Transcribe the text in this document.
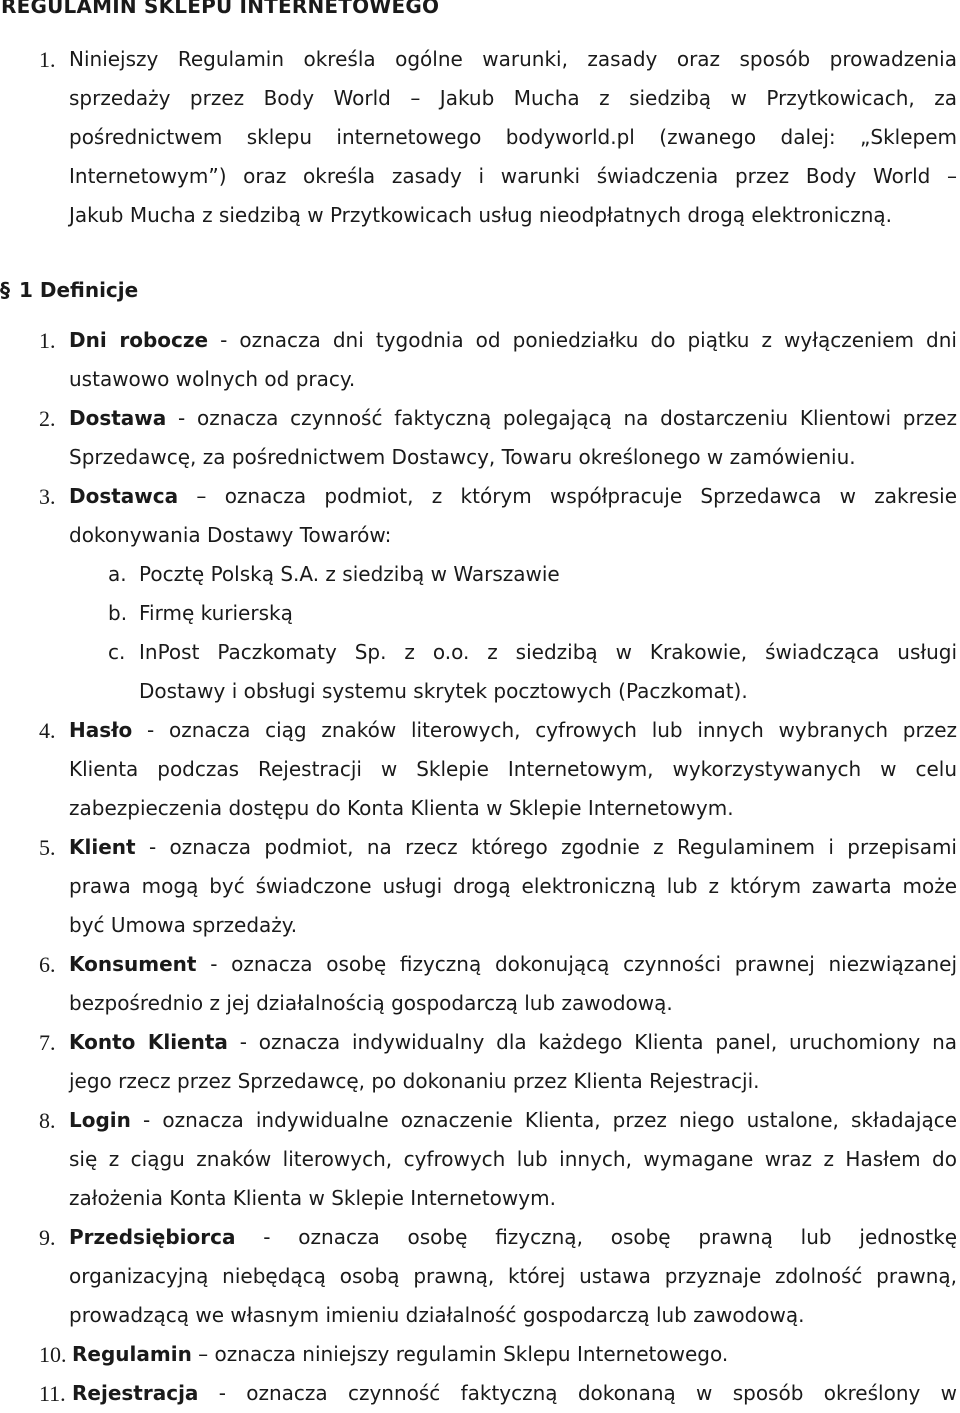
REGULAMIN SKLEPU INTERNETOWEGO
1. Niniejszy Regulamin określa ogólne warunki, zasady oraz sposób prowadzenia
sprzedaży przez Body World – Jakub Mucha z siedzibą w Przytkowicach, za
pośrednictwem sklepu internetowego bodyworld.pl (zwanego dalej: „Sklepem
Internetowym”) oraz określa zasady i warunki świadczenia przez Body World –
Jakub Mucha z siedzibą w Przytkowicach usług nieodpłatnych drogą elektroniczną.
§ 1 Definicje
1. Dni robocze - oznacza dni tygodnia od poniedziałku do piątku z wyłączeniem dni
ustawowo wolnych od pracy.
2. Dostawa - oznacza czynność faktyczną polegającą na dostarczeniu Klientowi przez
Sprzedawcę, za pośrednictwem Dostawcy, Towaru określonego w zamówieniu.
3. Dostawca – oznacza podmiot, z którym współpracuje Sprzedawca w zakresie
dokonywania Dostawy Towarów:
a. Pocztę Polską S.A. z siedzibą w Warszawie
b. Firmę kurierską
c. InPost Paczkomaty Sp. z o.o. z siedzibą w Krakowie, świadcząca usługi
Dostawy i obsługi systemu skrytek pocztowych (Paczkomat).
4. Hasło - oznacza ciąg znaków literowych, cyfrowych lub innych wybranych przez
Klienta podczas Rejestracji w Sklepie Internetowym, wykorzystywanych w celu
zabezpieczenia dostępu do Konta Klienta w Sklepie Internetowym.
5. Klient - oznacza podmiot, na rzecz którego zgodnie z Regulaminem i przepisami
prawa mogą być świadczone usługi drogą elektroniczną lub z którym zawarta może
być Umowa sprzedaży.
6. Konsument - oznacza osobę fizyczną dokonującą czynności prawnej niezwiązanej
bezpośrednio z jej działalnością gospodarczą lub zawodową.
7. Konto Klienta - oznacza indywidualny dla każdego Klienta panel, uruchomiony na
jego rzecz przez Sprzedawcę, po dokonaniu przez Klienta Rejestracji.
8. Login - oznacza indywidualne oznaczenie Klienta, przez niego ustalone, składające
się z ciągu znaków literowych, cyfrowych lub innych, wymagane wraz z Hasłem do
założenia Konta Klienta w Sklepie Internetowym.
9. Przedsiębiorca - oznacza osobę fizyczną, osobę prawną lub jednostkę
organizacyjną niebędącą osobą prawną, której ustawa przyznaje zdolność prawną,
prowadzącą we własnym imieniu działalność gospodarczą lub zawodową.
10. Regulamin – oznacza niniejszy regulamin Sklepu Internetowego.
11. Rejestracja - oznacza czynność faktyczną dokonaną w sposób określony w
